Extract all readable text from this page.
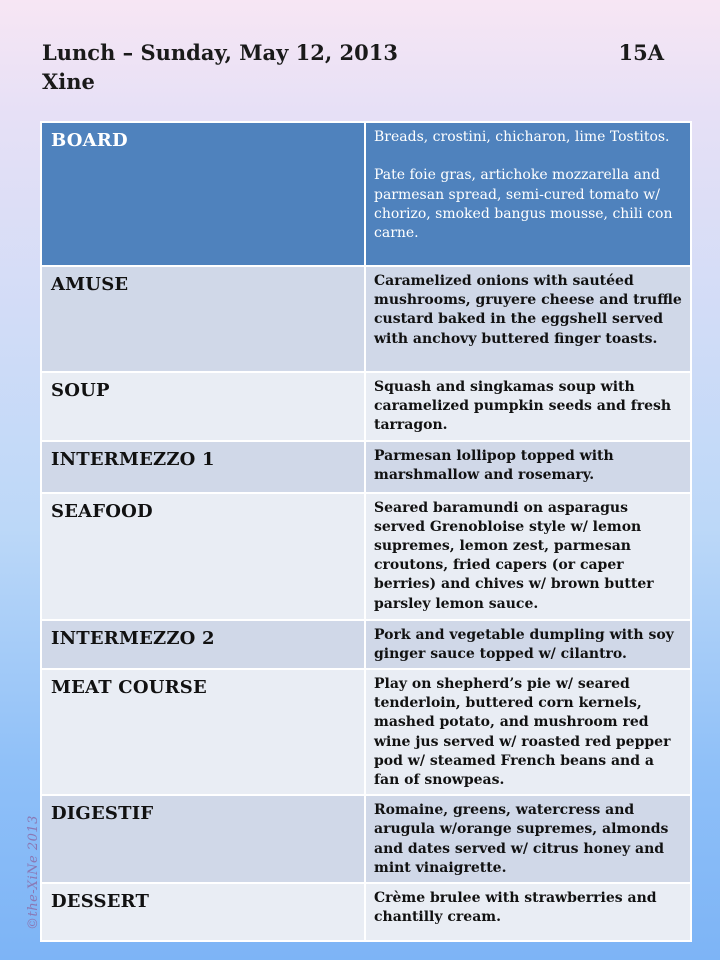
Lunch – Sunday, May 12, 2013	15A
Xine
BOARD	Breads, crostini, chicharon, lime Tostitos.

Pate foie gras, artichoke mozzarella and parmesan spread, semi-cured tomato w/ chorizo, smoked bangus mousse, chili con carne.
AMUSE	Caramelized onions with sautéed mushrooms, gruyere cheese and truffle custard baked in the eggshell served with anchovy buttered finger toasts.
SOUP	Squash and singkamas soup with caramelized pumpkin seeds and fresh tarragon.
INTERMEZZO 1	Parmesan lollipop topped with marshmallow and rosemary.
SEAFOOD	Seared baramundi on asparagus served Grenobloise style w/ lemon supremes, lemon zest, parmesan croutons, fried capers (or caper berries) and chives w/ brown butter parsley lemon sauce.
INTERMEZZO 2	Pork and vegetable dumpling with soy ginger sauce topped w/ cilantro.
MEAT COURSE	Play on shepherd’s pie w/ seared tenderloin, buttered corn kernels, mashed potato, and mushroom red wine jus served w/ roasted red pepper pod w/ steamed French beans and a fan of snowpeas.
DIGESTIF	Romaine, greens, watercress and arugula w/orange supremes, almonds and dates served w/ citrus honey and mint vinaigrette.
DESSERT	Crème brulee with strawberries and chantilly cream.
©the-XiNe 2013
